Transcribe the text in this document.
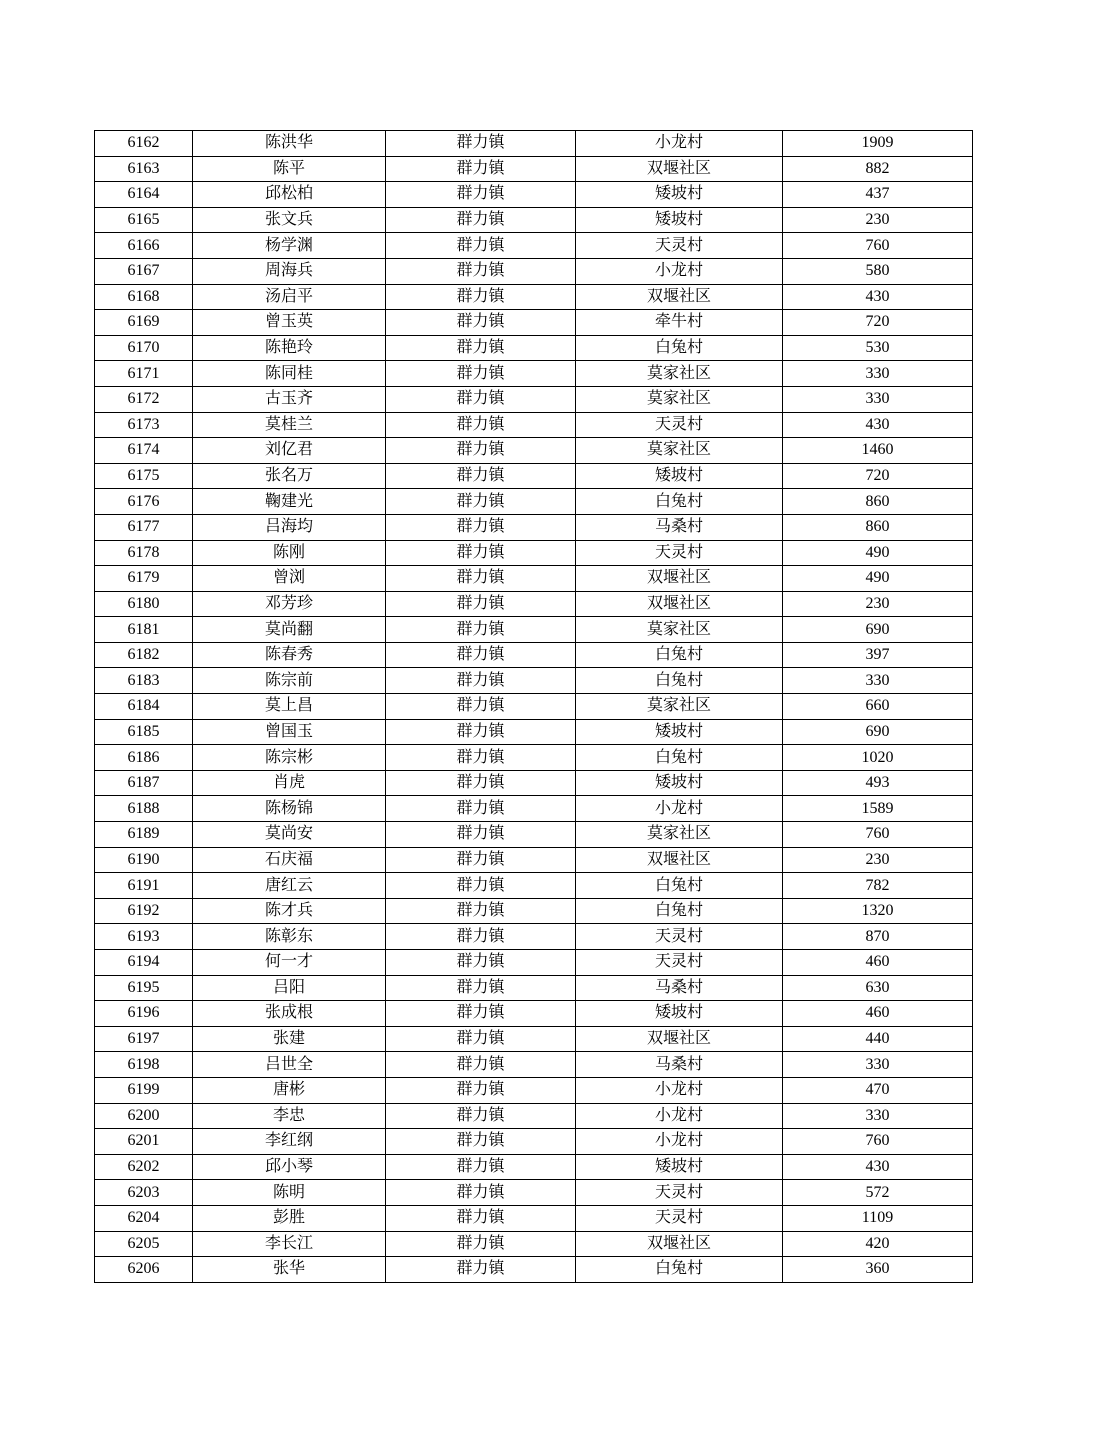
6162	陈洪华	群力镇	小龙村	1909
6163	陈平	群力镇	双堰社区	882
6164	邱松柏	群力镇	矮坡村	437
6165	张文兵	群力镇	矮坡村	230
6166	杨学渊	群力镇	天灵村	760
6167	周海兵	群力镇	小龙村	580
6168	汤启平	群力镇	双堰社区	430
6169	曾玉英	群力镇	牵牛村	720
6170	陈艳玲	群力镇	白兔村	530
6171	陈同桂	群力镇	莫家社区	330
6172	古玉齐	群力镇	莫家社区	330
6173	莫桂兰	群力镇	天灵村	430
6174	刘亿君	群力镇	莫家社区	1460
6175	张名万	群力镇	矮坡村	720
6176	鞠建光	群力镇	白兔村	860
6177	吕海均	群力镇	马桑村	860
6178	陈刚	群力镇	天灵村	490
6179	曾浏	群力镇	双堰社区	490
6180	邓芳珍	群力镇	双堰社区	230
6181	莫尚翻	群力镇	莫家社区	690
6182	陈春秀	群力镇	白兔村	397
6183	陈宗前	群力镇	白兔村	330
6184	莫上昌	群力镇	莫家社区	660
6185	曾国玉	群力镇	矮坡村	690
6186	陈宗彬	群力镇	白兔村	1020
6187	肖虎	群力镇	矮坡村	493
6188	陈杨锦	群力镇	小龙村	1589
6189	莫尚安	群力镇	莫家社区	760
6190	石庆福	群力镇	双堰社区	230
6191	唐红云	群力镇	白兔村	782
6192	陈才兵	群力镇	白兔村	1320
6193	陈彰东	群力镇	天灵村	870
6194	何一才	群力镇	天灵村	460
6195	吕阳	群力镇	马桑村	630
6196	张成根	群力镇	矮坡村	460
6197	张建	群力镇	双堰社区	440
6198	吕世全	群力镇	马桑村	330
6199	唐彬	群力镇	小龙村	470
6200	李忠	群力镇	小龙村	330
6201	李红纲	群力镇	小龙村	760
6202	邱小琴	群力镇	矮坡村	430
6203	陈明	群力镇	天灵村	572
6204	彭胜	群力镇	天灵村	1109
6205	李长江	群力镇	双堰社区	420
6206	张华	群力镇	白兔村	360
